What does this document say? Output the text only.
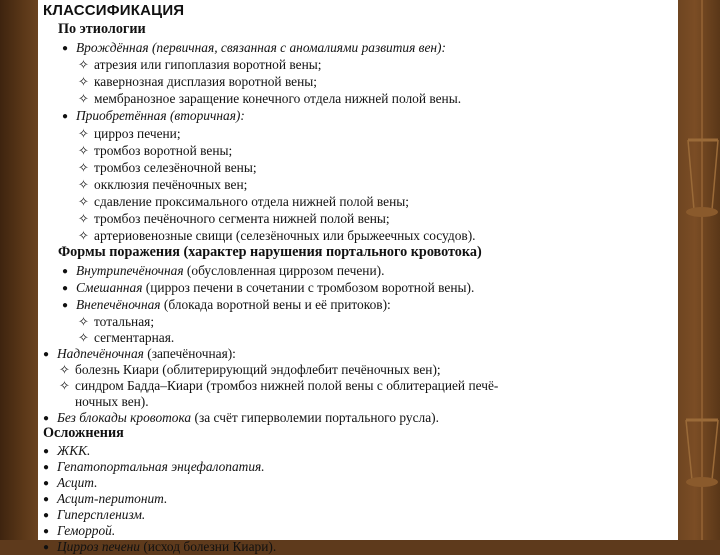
КЛАССИФИКАЦИЯ
По этиологии
● Врождённая (первичная, связанная с аномалиями развития вен):
✧ атрезия или гипоплазия воротной вены;
✧ кавернозная дисплазия воротной вены;
✧ мембранозное заращение конечного отдела нижней полой вены.
● Приобретённая (вторичная):
✧ цирроз печени;
✧ тромбоз воротной вены;
✧ тромбоз селезёночной вены;
✧ окклюзия печёночных вен;
✧ сдавление проксимального отдела нижней полой вены;
✧ тромбоз печёночного сегмента нижней полой вены;
✧ артериовенозные свищи (селезёночных или брыжеечных сосудов).
Формы поражения (характер нарушения портального кровотока)
● Внутрипечёночная (обусловленная циррозом печени).
● Смешанная (цирроз печени в сочетании с тромбозом воротной вены).
● Внепечёночная (блокада воротной вены и её притоков):
✧ тотальная;
✧ сегментарная.
● Надпечёночная (запечёночная):
✧ болезнь Киари (облитерирующий эндофлебит печёночных вен);
✧ синдром Бадда–Киари (тромбоз нижней полой вены с облитерацией печё-
ночных вен).
● Без блокады кровотока (за счёт гиперволемии портального русла).
Осложнения
● ЖКК.
● Гепатопортальная энцефалопатия.
● Асцит.
● Асцит-перитонит.
● Гиперспленизм.
● Геморрой.
● Цирроз печени (исход болезни Киари).
